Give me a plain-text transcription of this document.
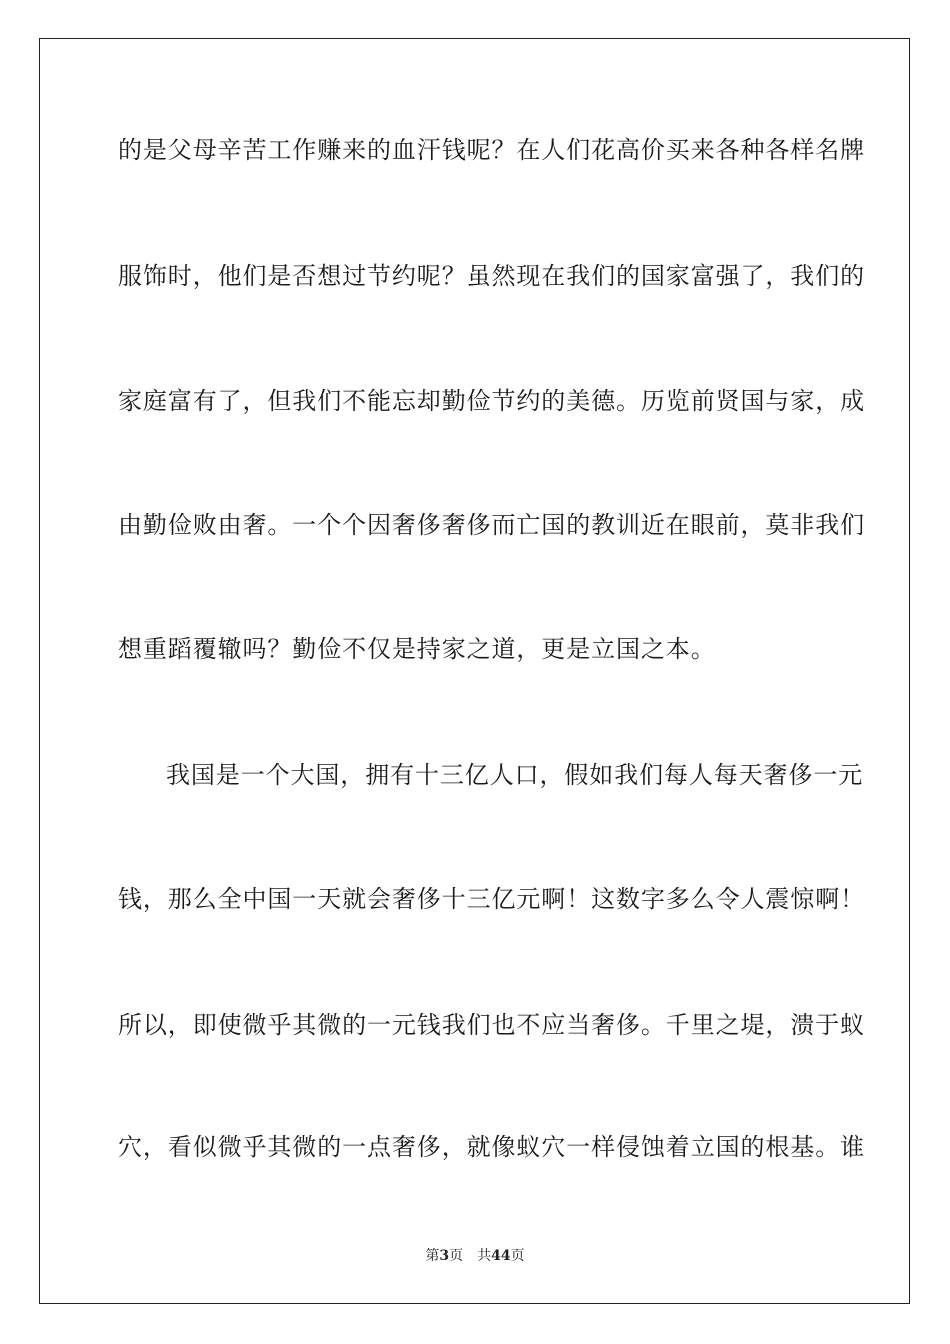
的是父母辛苦工作赚来的血汗钱呢？在人们花高价买来各种各样名牌
服饰时，他们是否想过节约呢？虽然现在我们的国家富强了，我们的
家庭富有了，但我们不能忘却勤俭节约的美德。历览前贤国与家，成
由勤俭败由奢。一个个因奢侈奢侈而亡国的教训近在眼前，莫非我们
想重蹈覆辙吗？勤俭不仅是持家之道，更是立国之本。
我国是一个大国，拥有十三亿人口，假如我们每人每天奢侈一元
钱，那么全中国一天就会奢侈十三亿元啊！这数字多么令人震惊啊！
所以，即使微乎其微的一元钱我们也不应当奢侈。千里之堤，溃于蚁
穴，看似微乎其微的一点奢侈，就像蚁穴一样侵蚀着立国的根基。谁
第3页 共44页
